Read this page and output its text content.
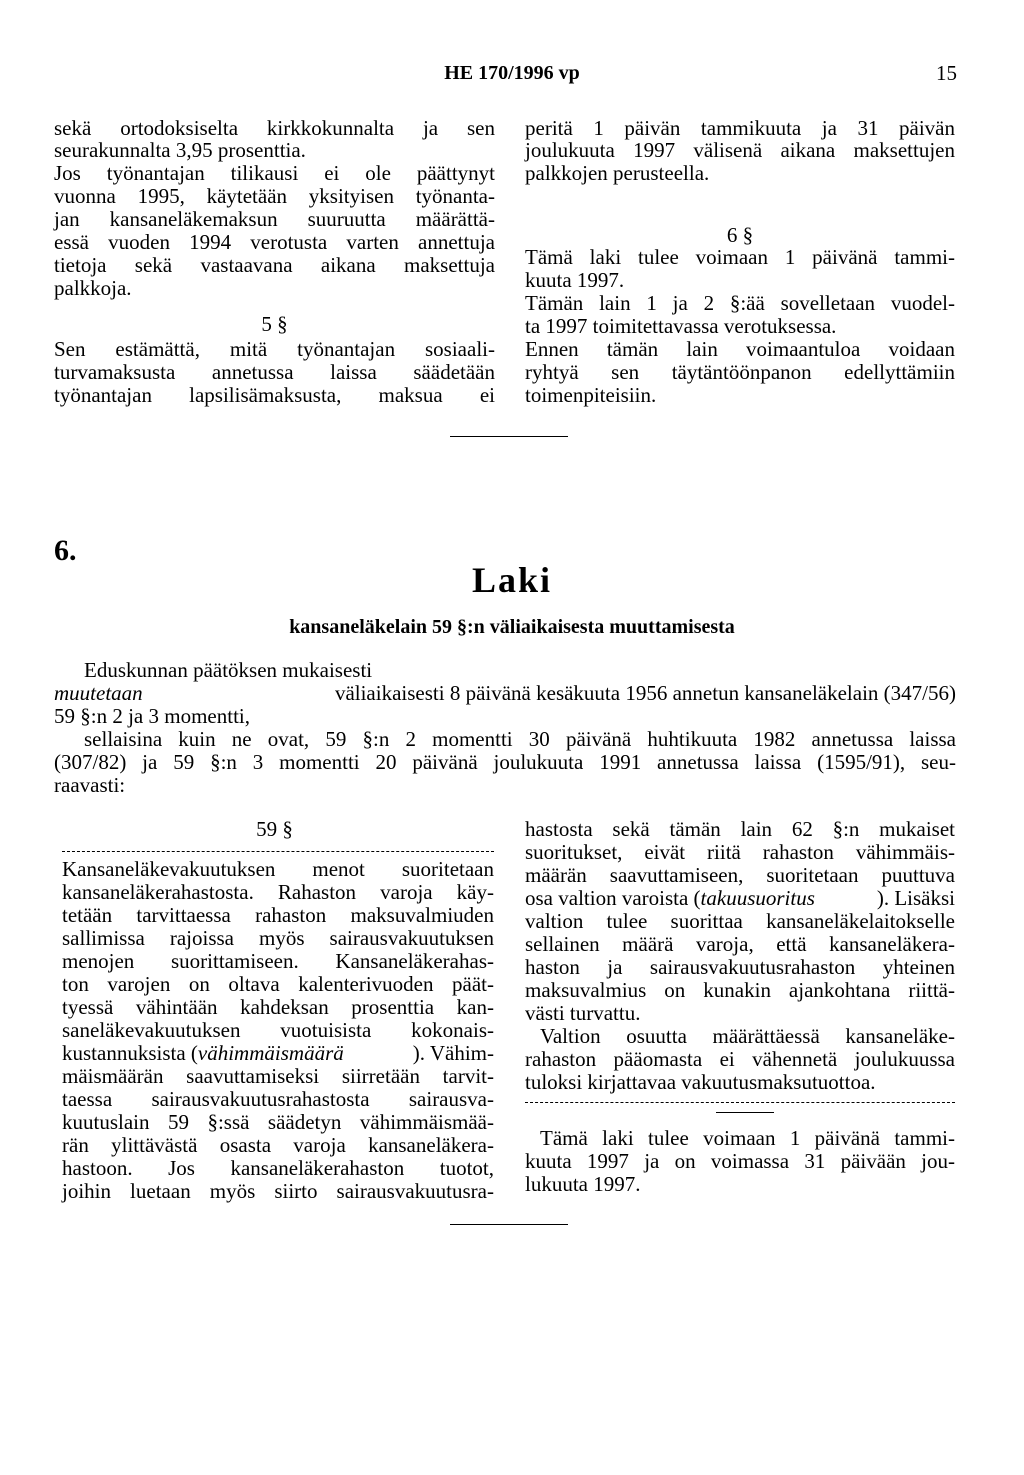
HE 170/1996 vp	15
sekä ortodoksiselta kirkkokunnalta ja sen
seurakunnalta 3,95 prosenttia.
Jos työnantajan tilikausi ei ole päättynyt
vuonna 1995, käytetään yksityisen työnanta-
jan kansaneläkemaksun suuruutta määrättä-
essä vuoden 1994 verotusta varten annettuja
tietoja sekä vastaavana aikana maksettuja
palkkoja.
5 §
Sen estämättä, mitä työnantajan sosiaali-
turvamaksusta annetussa laissa säädetään
työnantajan lapsilisämaksusta, maksua ei
peritä 1 päivän tammikuuta ja 31 päivän
joulukuuta 1997 välisenä aikana maksettujen
palkkojen perusteella.
6 §
Tämä laki tulee voimaan 1 päivänä tammi-
kuuta 1997.
Tämän lain 1 ja 2 §:ää sovelletaan vuodel-
ta 1997 toimitettavassa verotuksessa.
Ennen tämän lain voimaantuloa voidaan
ryhtyä sen täytäntöönpanon edellyttämiin
toimenpiteisiin.
6.
Laki
kansaneläkelain 59 §:n väliaikaisesta muuttamisesta
Eduskunnan päätöksen mukaisesti
muutetaan	väliaikaisesti 8 päivänä kesäkuuta 1956 annetun kansaneläkelain (347/56)
59 §:n 2 ja 3 momentti,
sellaisina kuin ne ovat, 59 §:n 2 momentti 30 päivänä huhtikuuta 1982 annetussa laissa
(307/82) ja 59 §:n 3 momentti 20 päivänä joulukuuta 1991 annetussa laissa (1595/91), seu-
raavasti:
59 §
Kansaneläkevakuutuksen menot suoritetaan
kansaneläkerahastosta. Rahaston varoja käy-
tetään tarvittaessa rahaston maksuvalmiuden
sallimissa rajoissa myös sairausvakuutuksen
menojen suorittamiseen. Kansaneläkerahas-
ton varojen on oltava kalenterivuoden päät-
tyessä vähintään kahdeksan prosenttia kan-
saneläkevakuutuksen vuotuisista kokonais-
kustannuksista ( vähimmäismäärä	). Vähim-
mäismäärän saavuttamiseksi siirretään tarvit-
taessa sairausvakuutusrahastosta sairausva-
kuutuslain 59 §:ssä säädetyn vähimmäismää-
rän ylittävästä osasta varoja kansaneläkera-
hastoon. Jos kansaneläkerahaston tuotot,
joihin luetaan myös siirto sairausvakuutusra-
hastosta sekä tämän lain 62 §:n mukaiset
suoritukset, eivät riitä rahaston vähimmäis-
määrän saavuttamiseen, suoritetaan puuttuva
osa valtion varoista ( takuusuoritus	). Lisäksi
valtion tulee suorittaa kansaneläkelaitokselle
sellainen määrä varoja, että kansaneläkera-
haston ja sairausvakuutusrahaston yhteinen
maksuvalmius on kunakin ajankohtana riittä-
västi turvattu.
Valtion osuutta määrättäessä kansaneläke-
rahaston pääomasta ei vähennetä joulukuussa
tuloksi kirjattavaa vakuutusmaksutuottoa.
Tämä laki tulee voimaan 1 päivänä tammi-
kuuta 1997 ja on voimassa 31 päivään jou-
lukuuta 1997.
